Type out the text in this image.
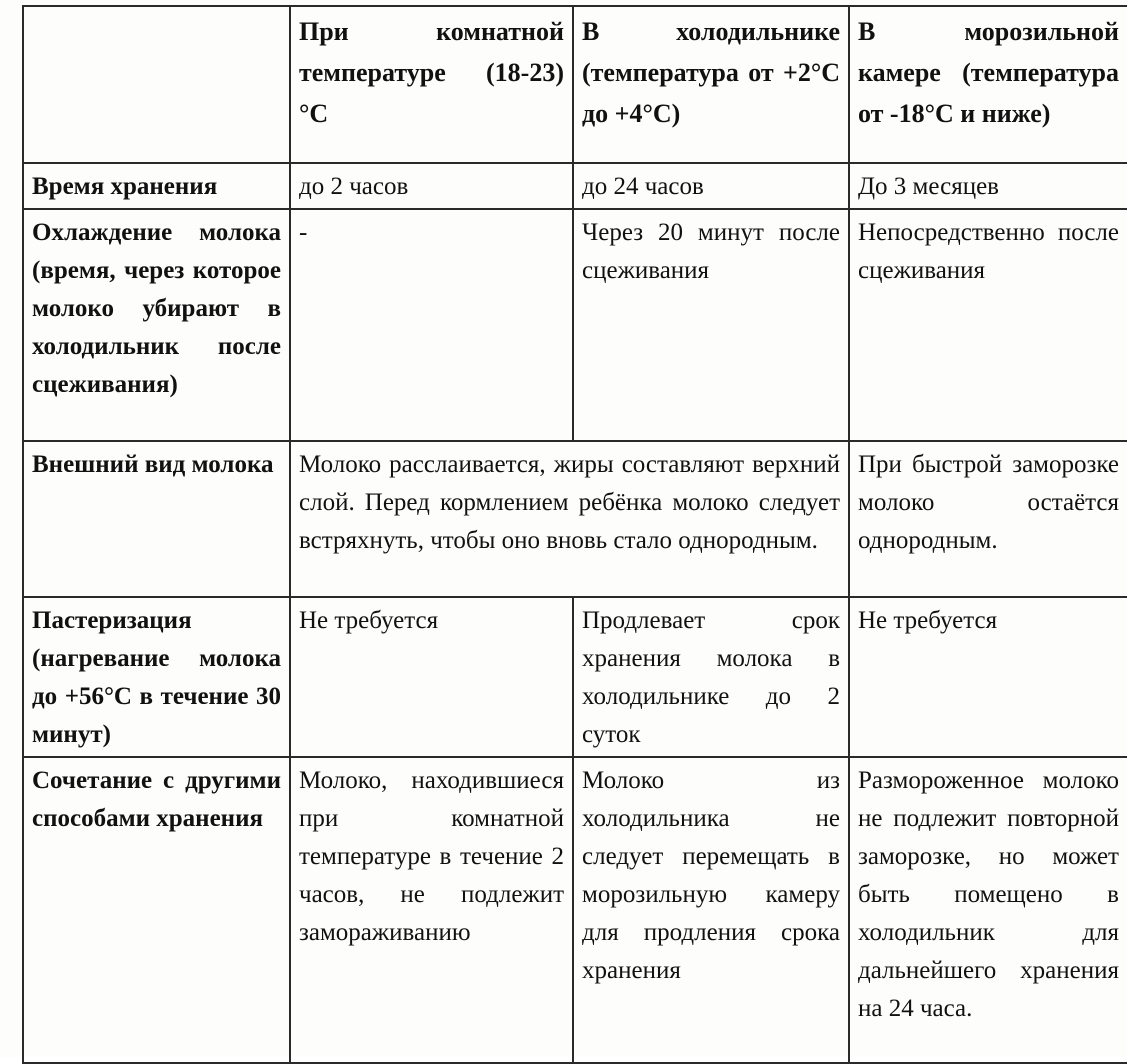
	При комнатной температуре (18-23) °С	В холодильнике (температура от +2°С до +4°С)	В морозильной камере (температура от -18°С и ниже)
Время хранения	до 2 часов	до 24 часов	До 3 месяцев
Охлаждение молока (время, через которое молоко убирают в холодильник после сцеживания)	-	Через 20 минут после сцеживания	Непосредственно после сцеживания
Внешний вид молока	Молоко расслаивается, жиры составляют верхний слой. Перед кормлением ребёнка молоко следует встряхнуть, чтобы оно вновь стало однородным.		При быстрой заморозке молоко остаётся однородным.
Пастеризация (нагревание молока до +56°С в течение 30 минут)	Не требуется	Продлевает срок хранения молока в холодильнике до 2 суток	Не требуется
Сочетание с другими способами хранения	Молоко, находившиеся при комнатной температуре в течение 2 часов, не подлежит замораживанию	Молоко из холодильника не следует перемещать в морозильную камеру для продления срока хранения	Размороженное молоко не подлежит повторной заморозке, но может быть помещено в холодильник для дальнейшего хранения на 24 часа.
